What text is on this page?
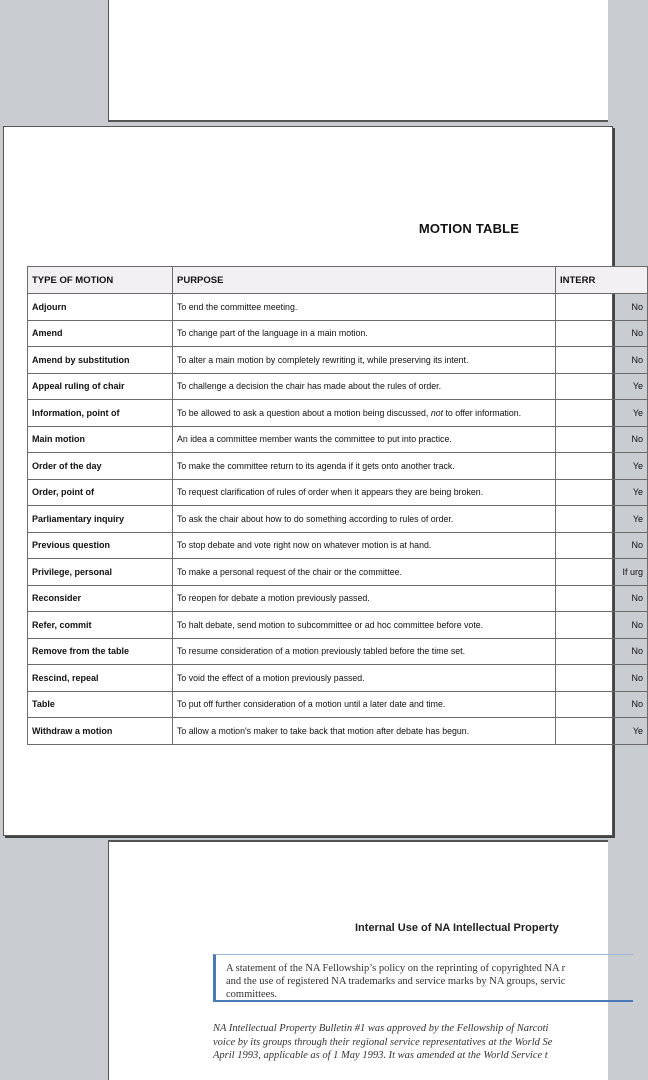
MOTION TABLE
TYPE OF MOTION	PURPOSE	INTERR
Adjourn	To end the committee meeting.	No
Amend	To change part of the language in a main motion.	No
Amend by substitution	To alter a main motion by completely rewriting it, while preserving its intent.	No
Appeal ruling of chair	To challenge a decision the chair has made about the rules of order.	Ye
Information, point of	To be allowed to ask a question about a motion being discussed, not to offer information.	Ye
Main motion	An idea a committee member wants the committee to put into practice.	No
Order of the day	To make the committee return to its agenda if it gets onto another track.	Ye
Order, point of	To request clarification of rules of order when it appears they are being broken.	Ye
Parliamentary inquiry	To ask the chair about how to do something according to rules of order.	Ye
Previous question	To stop debate and vote right now on whatever motion is at hand.	No
Privilege, personal	To make a personal request of the chair or the committee.	If urg
Reconsider	To reopen for debate a motion previously passed.	No
Refer, commit	To halt debate, send motion to subcommittee or ad hoc committee before vote.	No
Remove from the table	To resume consideration of a motion previously tabled before the time set.	No
Rescind, repeal	To void the effect of a motion previously passed.	No
Table	To put off further consideration of a motion until a later date and time.	No
Withdraw a motion	To allow a motion's maker to take back that motion after debate has begun.	Ye
Internal Use of NA Intellectual Property
A statement of the NA Fellowship’s policy on the reprinting of copyrighted NA r
and the use of registered NA trademarks and service marks by NA groups, servic
committees.
NA Intellectual Property Bulletin #1 was approved by the Fellowship of Narcoti
voice by its groups through their regional service representatives at the World Se
April 1993, applicable as of 1 May 1993. It was amended at the World Service t
